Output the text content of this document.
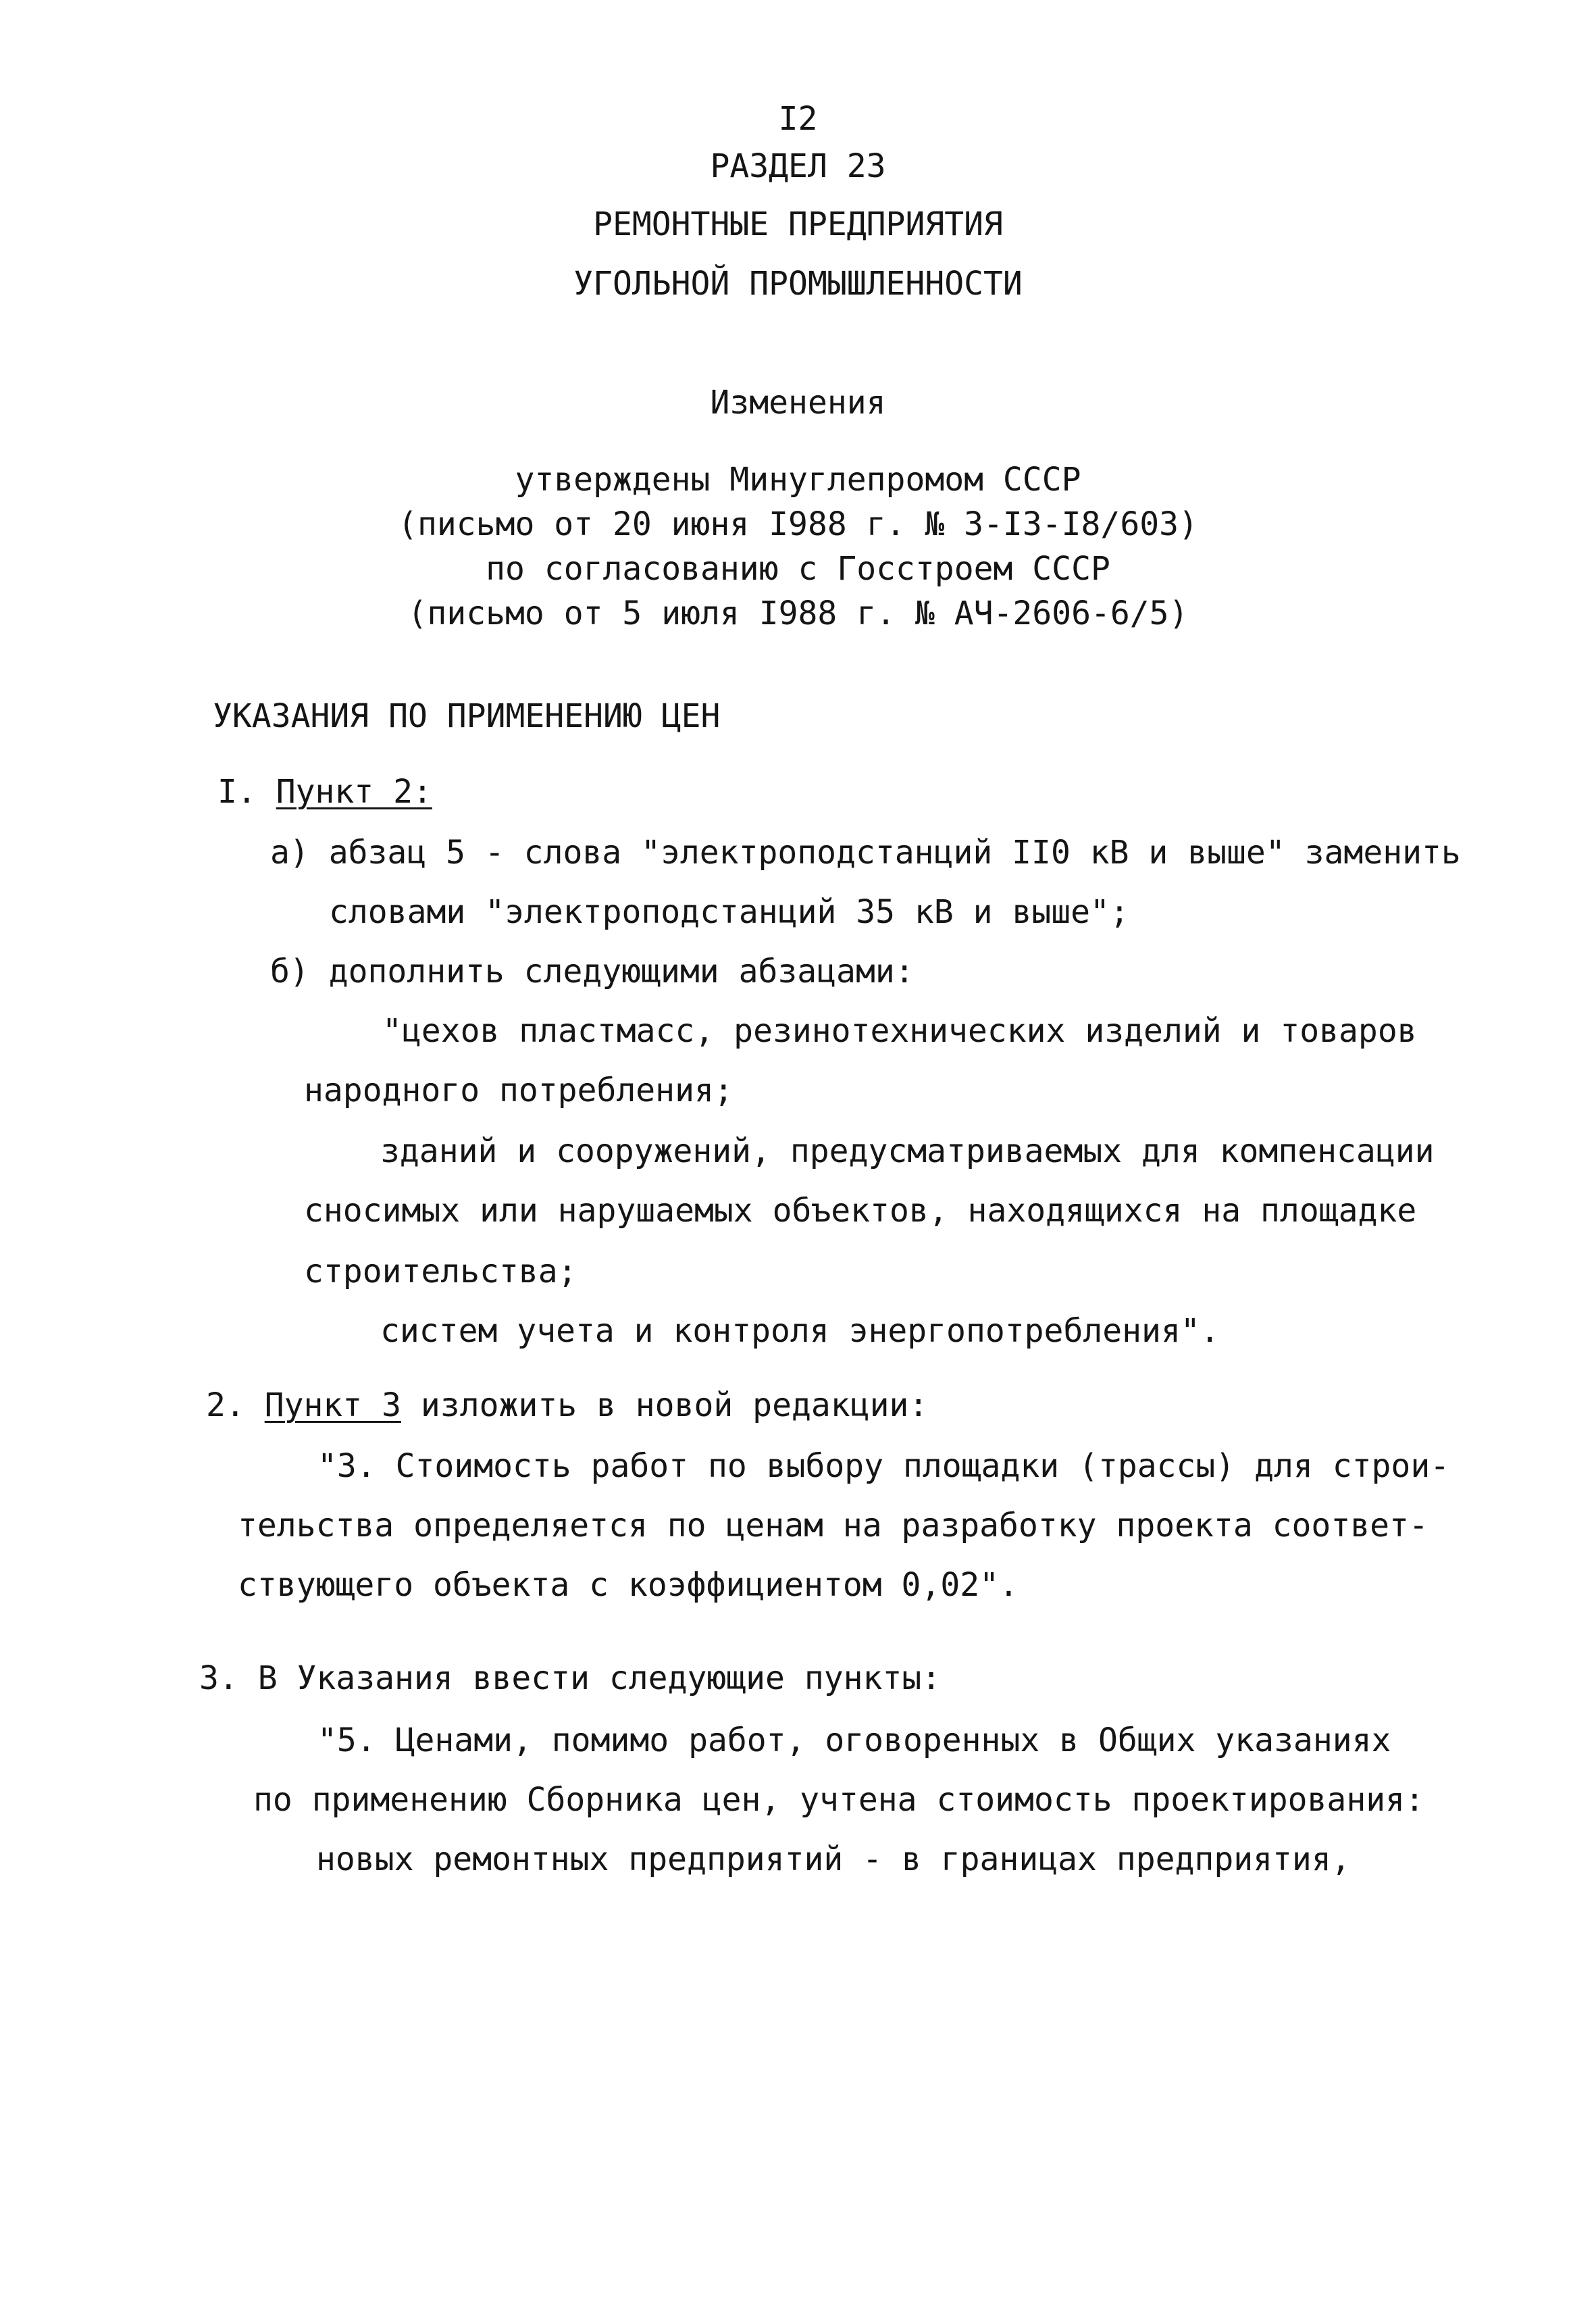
I2

РАЗДЕЛ 23

РЕМОНТНЫЕ ПРЕДПРИЯТИЯ

УГОЛЬНОЙ ПРОМЫШЛЕННОСТИ

Изменения

утверждены Минуглепромом СССР

(письмо от 20 июня I988 г. № 3-I3-I8/603)

по согласованию с Госстроем СССР

(письмо от 5 июля I988 г. № АЧ-2606-6/5)

УКАЗАНИЯ ПО ПРИМЕНЕНИЮ ЦЕН

I. Пункт 2:

а) абзац 5 - слова "электроподстанций II0 кВ и выше" заменить

словами "электроподстанций 35 кВ и выше";

б) дополнить следующими абзацами:

"цехов пластмасс, резинотехнических изделий и товаров

народного потребления;

зданий и сооружений, предусматриваемых для компенсации

сносимых или нарушаемых объектов, находящихся на площадке

строительства;

систем учета и контроля энергопотребления".

2. Пункт 3 изложить в новой редакции:

"3. Стоимость работ по выбору площадки (трассы) для строи-

тельства определяется по ценам на разработку проекта соответ-

ствующего объекта с коэффициентом 0,02".

3. В Указания ввести следующие пункты:

"5. Ценами, помимо работ, оговоренных в Общих указаниях

по применению Сборника цен, учтена стоимость проектирования:

новых ремонтных предприятий - в границах предприятия,
